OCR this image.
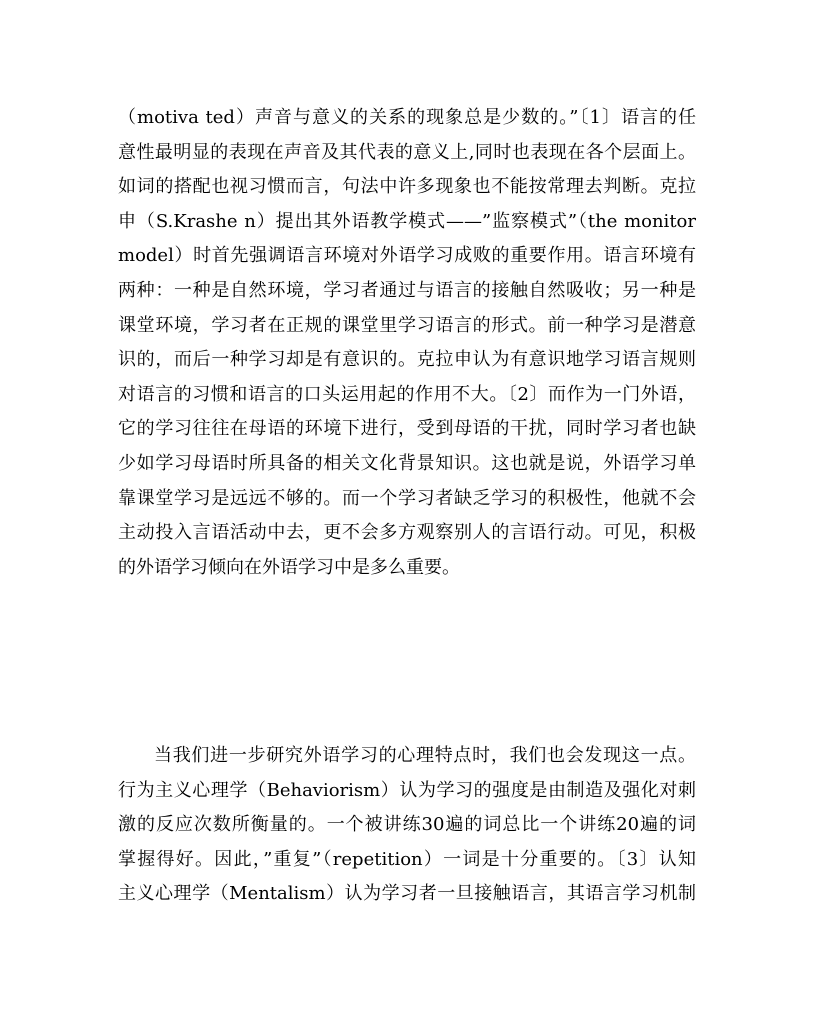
（motiva ted）声音与意义的关系的现象总是少数的。”〔1〕语言的任
意性最明显的表现在声音及其代表的意义上,同时也表现在各个层面上。
如词的搭配也视习惯而言，句法中许多现象也不能按常理去判断。克拉
申（S.Krashe n）提出其外语教学模式——”监察模式”（the monitor
model）时首先强调语言环境对外语学习成败的重要作用。语言环境有
两种：一种是自然环境，学习者通过与语言的接触自然吸收；另一种是
课堂环境，学习者在正规的课堂里学习语言的形式。前一种学习是潜意
识的，而后一种学习却是有意识的。克拉申认为有意识地学习语言规则
对语言的习惯和语言的口头运用起的作用不大。〔2〕而作为一门外语，
它的学习往往在母语的环境下进行，受到母语的干扰，同时学习者也缺
少如学习母语时所具备的相关文化背景知识。这也就是说，外语学习单
靠课堂学习是远远不够的。而一个学习者缺乏学习的积极性，他就不会
主动投入言语活动中去，更不会多方观察别人的言语行动。可见，积极
的外语学习倾向在外语学习中是多么重要。
当我们进一步研究外语学习的心理特点时，我们也会发现这一点。
行为主义心理学（Behaviorism）认为学习的强度是由制造及强化对刺
激的反应次数所衡量的。一个被讲练30遍的词总比一个讲练20遍的词
掌握得好。因此，”重复”（repetition）一词是十分重要的。〔3〕认知
主义心理学（Mentalism）认为学习者一旦接触语言，其语言学习机制
